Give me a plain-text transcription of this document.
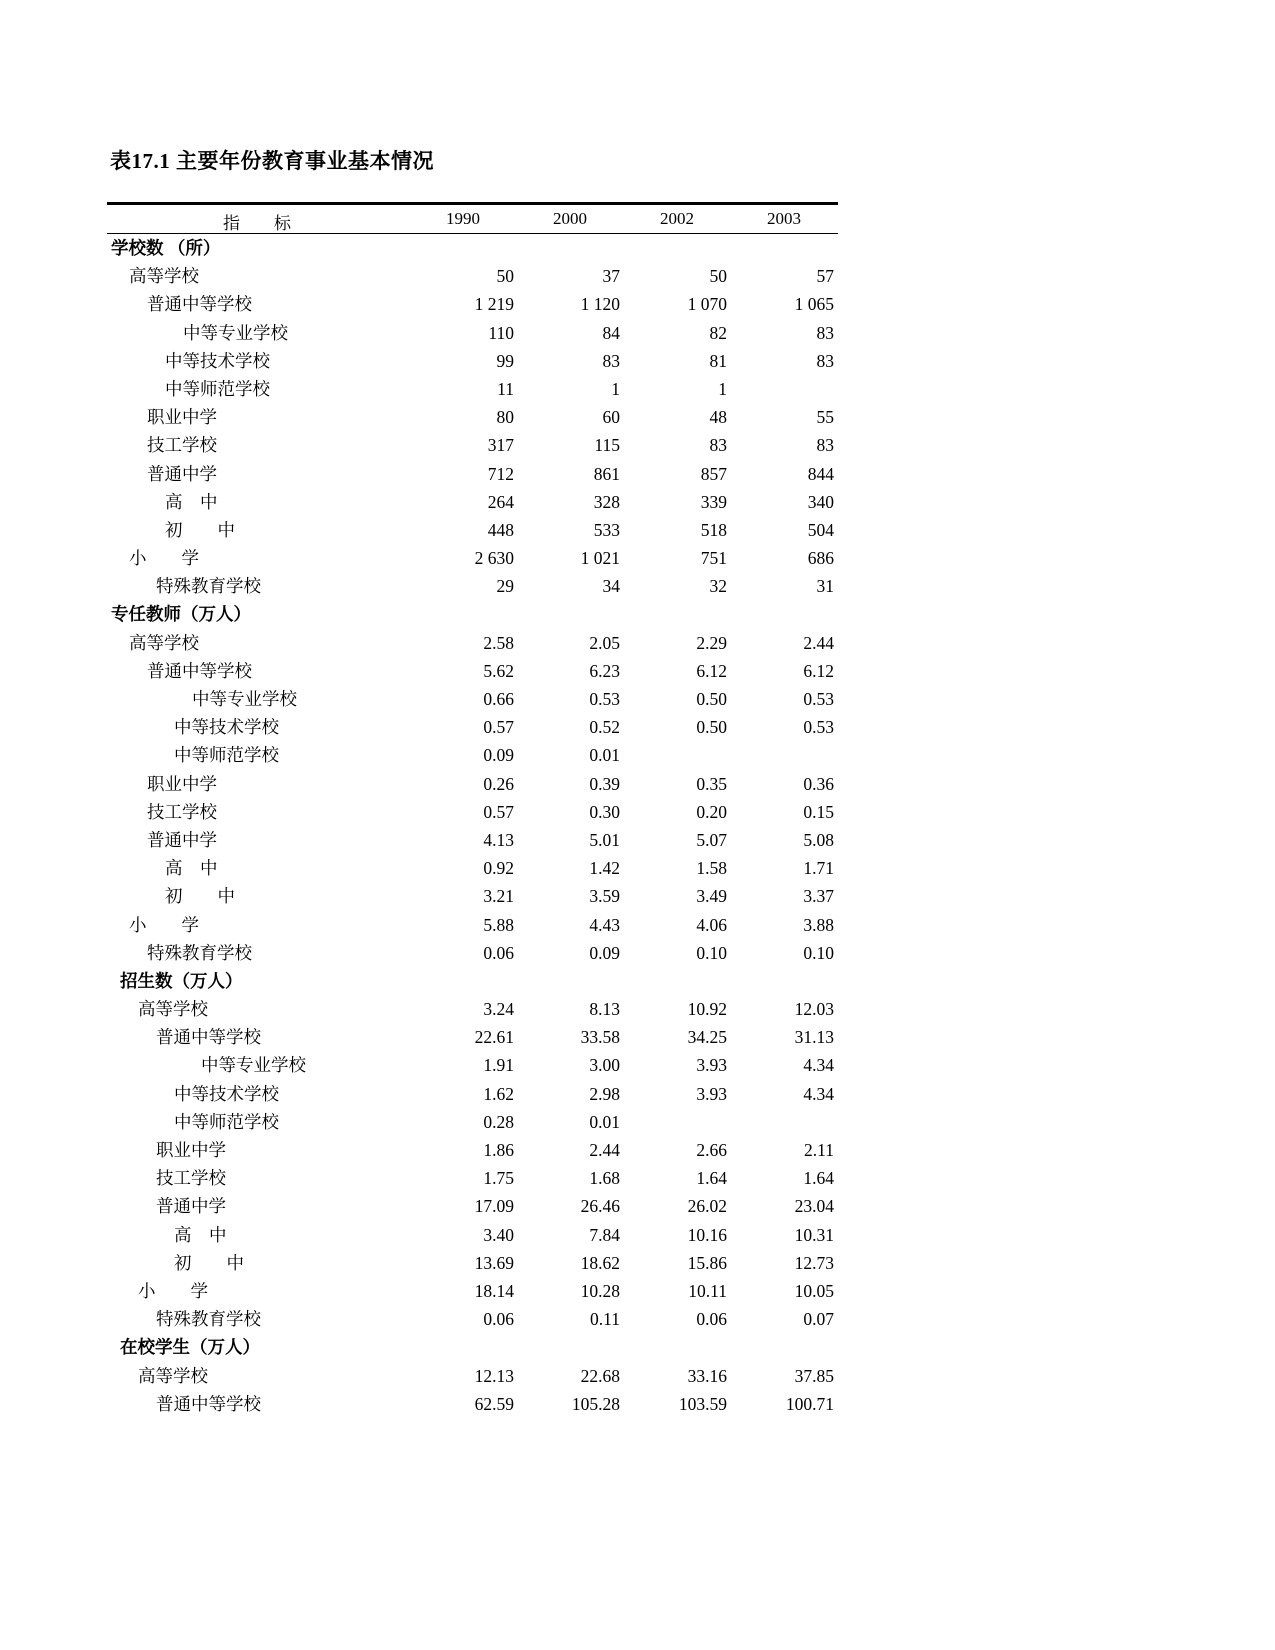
表17.1 主要年份教育事业基本情况
指　　标	1990	2000	2002	2003
学校数 （所）
高等学校	50	37	50	57
普通中等学校	1 219	1 120	1 070	1 065
中等专业学校	110	84	82	83
中等技术学校	99	83	81	83
中等师范学校	11	1	1
职业中学	80	60	48	55
技工学校	317	115	83	83
普通中学	712	861	857	844
高　中	264	328	339	340
初　　中	448	533	518	504
小　　学	2 630	1 021	751	686
特殊教育学校	29	34	32	31
专任教师（万人）
高等学校	2.58	2.05	2.29	2.44
普通中等学校	5.62	6.23	6.12	6.12
中等专业学校	0.66	0.53	0.50	0.53
中等技术学校	0.57	0.52	0.50	0.53
中等师范学校	0.09	0.01
职业中学	0.26	0.39	0.35	0.36
技工学校	0.57	0.30	0.20	0.15
普通中学	4.13	5.01	5.07	5.08
高　中	0.92	1.42	1.58	1.71
初　　中	3.21	3.59	3.49	3.37
小　　学	5.88	4.43	4.06	3.88
特殊教育学校	0.06	0.09	0.10	0.10
招生数（万人）
高等学校	3.24	8.13	10.92	12.03
普通中等学校	22.61	33.58	34.25	31.13
中等专业学校	1.91	3.00	3.93	4.34
中等技术学校	1.62	2.98	3.93	4.34
中等师范学校	0.28	0.01
职业中学	1.86	2.44	2.66	2.11
技工学校	1.75	1.68	1.64	1.64
普通中学	17.09	26.46	26.02	23.04
高　中	3.40	7.84	10.16	10.31
初　　中	13.69	18.62	15.86	12.73
小　　学	18.14	10.28	10.11	10.05
特殊教育学校	0.06	0.11	0.06	0.07
在校学生（万人）
高等学校	12.13	22.68	33.16	37.85
普通中等学校	62.59	105.28	103.59	100.71
